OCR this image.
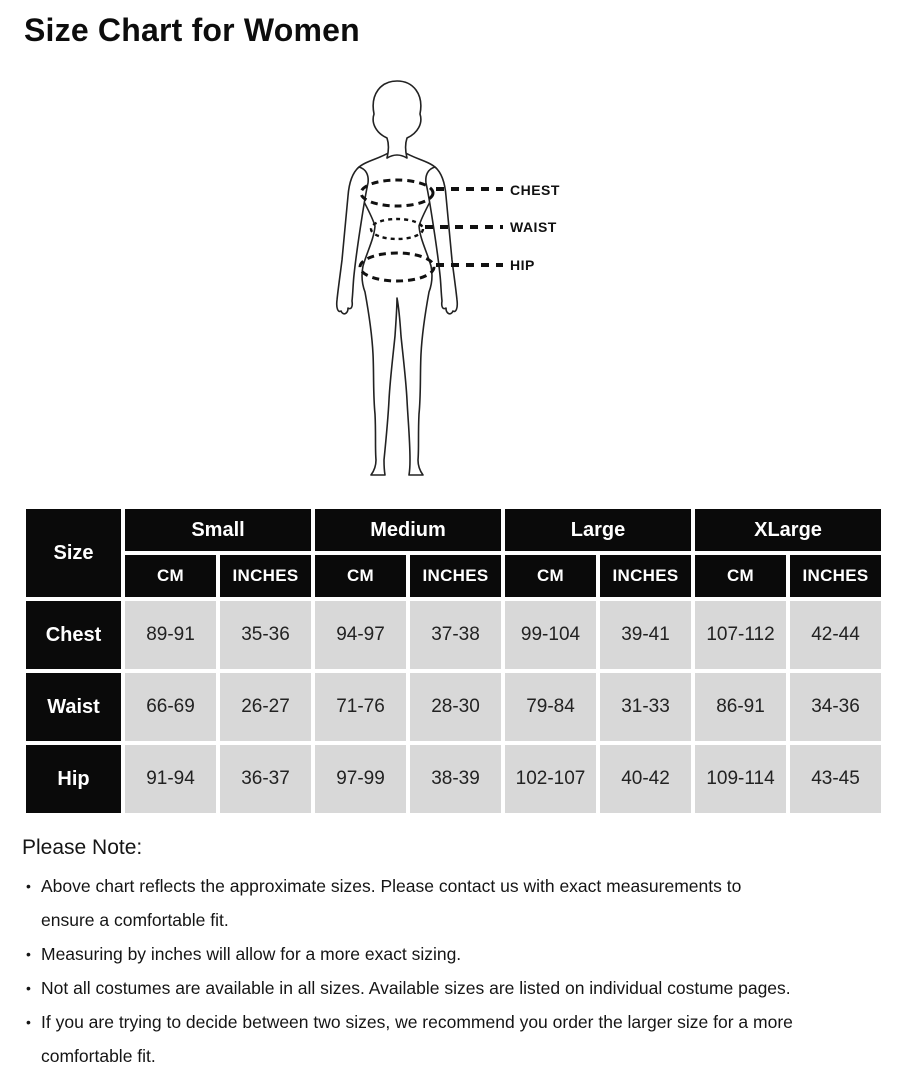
Size Chart for Women
CHEST
WAIST
HIP
Size	Small		Medium		Large		XLarge	
	CM	INCHES	CM	INCHES	CM	INCHES	CM	INCHES
Chest	89-91	35-36	94-97	37-38	99-104	39-41	107-112	42-44
Waist	66-69	26-27	71-76	28-30	79-84	31-33	86-91	34-36
Hip	91-94	36-37	97-99	38-39	102-107	40-42	109-114	43-45
Please Note:
• Above chart reflects the approximate sizes. Please contact us with exact measurements to
ensure a comfortable fit.
• Measuring by inches will allow for a more exact sizing.
• Not all costumes are available in all sizes. Available sizes are listed on individual costume pages.
• If you are trying to decide between two sizes, we recommend you order the larger size for a more
comfortable fit.
